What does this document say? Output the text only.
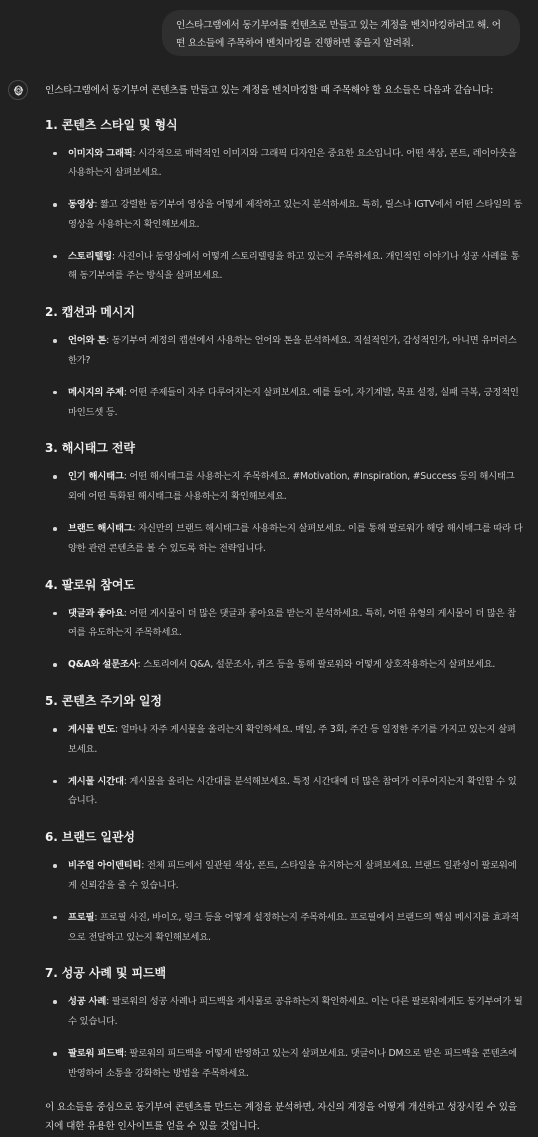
인스타그램에서 동기부여를 컨텐츠로 만들고 있는 계정을 벤치마킹하려고 해. 어떤 요소들에 주목하여 벤치마킹을 진행하면 좋을지 알려줘.

인스타그램에서 동기부여 콘텐츠를 만들고 있는 계정을 벤치마킹할 때 주목해야 할 요소들은 다음과 같습니다:

1. 콘텐츠 스타일 및 형식
이미지와 그래픽: 시각적으로 매력적인 이미지와 그래픽 디자인은 중요한 요소입니다. 어떤 색상, 폰트, 레이아웃을 사용하는지 살펴보세요.
동영상: 짧고 강렬한 동기부여 영상을 어떻게 제작하고 있는지 분석하세요. 특히, 릴스나 IGTV에서 어떤 스타일의 동영상을 사용하는지 확인해보세요.
스토리텔링: 사진이나 동영상에서 어떻게 스토리텔링을 하고 있는지 주목하세요. 개인적인 이야기나 성공 사례를 통해 동기부여를 주는 방식을 살펴보세요.
2. 캡션과 메시지
언어와 톤: 동기부여 계정의 캡션에서 사용하는 언어와 톤을 분석하세요. 직설적인가, 감성적인가, 아니면 유머러스한가?
메시지의 주제: 어떤 주제들이 자주 다루어지는지 살펴보세요. 예를 들어, 자기계발, 목표 설정, 실패 극복, 긍정적인 마인드셋 등.
3. 해시태그 전략
인기 해시태그: 어떤 해시태그를 사용하는지 주목하세요. #Motivation, #Inspiration, #Success 등의 해시태그 외에 어떤 특화된 해시태그를 사용하는지 확인해보세요.
브랜드 해시태그: 자신만의 브랜드 해시태그를 사용하는지 살펴보세요. 이를 통해 팔로워가 해당 해시태그를 따라 다양한 관련 콘텐츠를 볼 수 있도록 하는 전략입니다.
4. 팔로워 참여도
댓글과 좋아요: 어떤 게시물이 더 많은 댓글과 좋아요를 받는지 분석하세요. 특히, 어떤 유형의 게시물이 더 많은 참여를 유도하는지 주목하세요.
Q&A와 설문조사: 스토리에서 Q&A, 설문조사, 퀴즈 등을 통해 팔로워와 어떻게 상호작용하는지 살펴보세요.
5. 콘텐츠 주기와 일정
게시물 빈도: 얼마나 자주 게시물을 올리는지 확인하세요. 매일, 주 3회, 주간 등 일정한 주기를 가지고 있는지 살펴보세요.
게시물 시간대: 게시물을 올리는 시간대를 분석해보세요. 특정 시간대에 더 많은 참여가 이루어지는지 확인할 수 있습니다.
6. 브랜드 일관성
비주얼 아이덴티티: 전체 피드에서 일관된 색상, 폰트, 스타일을 유지하는지 살펴보세요. 브랜드 일관성이 팔로워에게 신뢰감을 줄 수 있습니다.
프로필: 프로필 사진, 바이오, 링크 등을 어떻게 설정하는지 주목하세요. 프로필에서 브랜드의 핵심 메시지를 효과적으로 전달하고 있는지 확인해보세요.
7. 성공 사례 및 피드백
성공 사례: 팔로워의 성공 사례나 피드백을 게시물로 공유하는지 확인하세요. 이는 다른 팔로워에게도 동기부여가 될 수 있습니다.
팔로워 피드백: 팔로워의 피드백을 어떻게 반영하고 있는지 살펴보세요. 댓글이나 DM으로 받은 피드백을 콘텐츠에 반영하여 소통을 강화하는 방법을 주목하세요.

이 요소들을 중심으로 동기부여 콘텐츠를 만드는 계정을 분석하면, 자신의 계정을 어떻게 개선하고 성장시킬 수 있을지에 대한 유용한 인사이트를 얻을 수 있을 것입니다.
